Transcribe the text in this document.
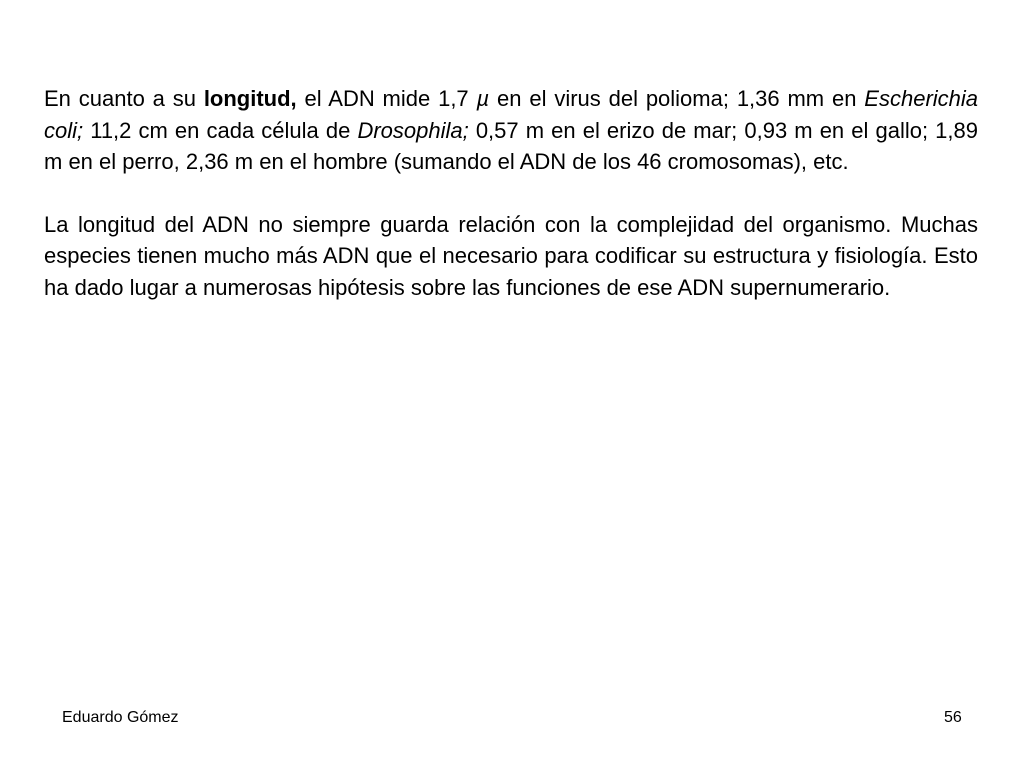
En cuanto a su longitud, el ADN mide 1,7 µ en el virus del polioma; 1,36 mm en Escherichia coli; 11,2 cm en cada célula de Drosophila; 0,57 m en el erizo de mar; 0,93 m en el gallo; 1,89 m en el perro, 2,36 m en el hombre (sumando el ADN de los 46 cromosomas), etc.

La longitud del ADN no siempre guarda relación con la complejidad del organismo. Muchas especies tienen mucho más ADN que el necesario para codificar su estructura y fisiología. Esto ha dado lugar a numerosas hipótesis sobre las funciones de ese ADN supernumerario.

Eduardo Gómez	56
